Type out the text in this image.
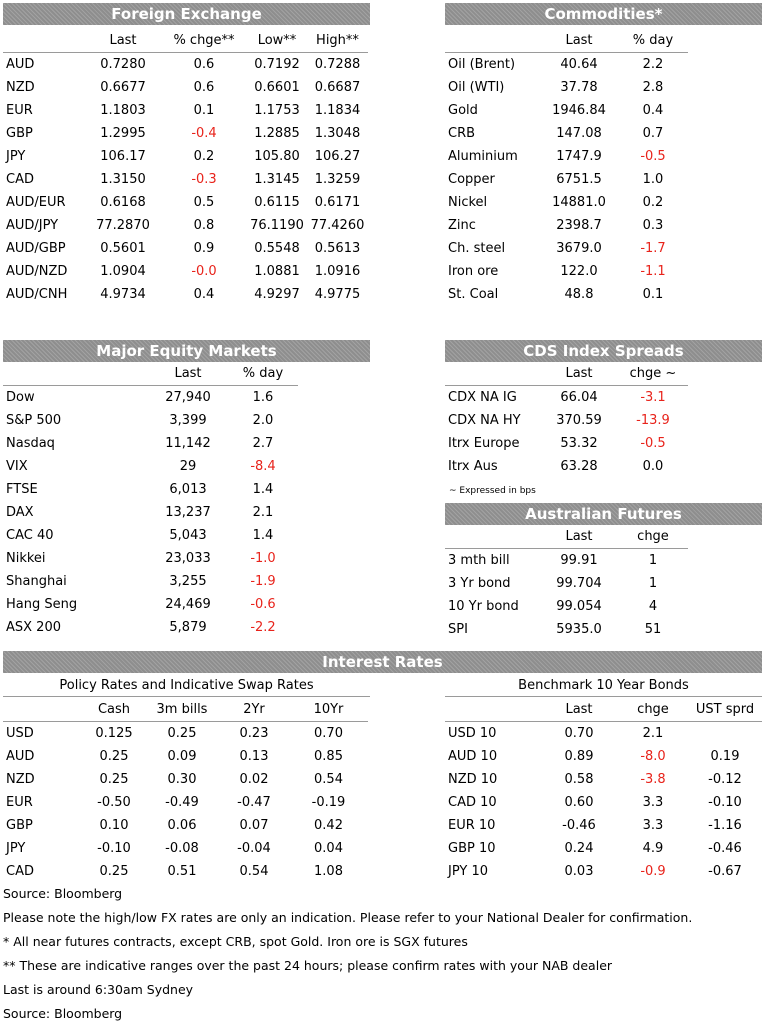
Foreign Exchange	Commodities*
Major Equity Markets	CDS Index Spreads
Australian Futures
Interest Rates
	Last	% chge**	Low**	High**
AUD	0.7280	0.6	0.7192	0.7288
NZD	0.6677	0.6	0.6601	0.6687
EUR	1.1803	0.1	1.1753	1.1834
GBP	1.2995	-0.4	1.2885	1.3048
JPY	106.17	0.2	105.80	106.27
CAD	1.3150	-0.3	1.3145	1.3259
AUD/EUR	0.6168	0.5	0.6115	0.6171
AUD/JPY	77.2870	0.8	76.1190	77.4260
AUD/GBP	0.5601	0.9	0.5548	0.5613
AUD/NZD	1.0904	-0.0	1.0881	1.0916
AUD/CNH	4.9734	0.4	4.9297	4.9775
	Last	% day
Oil (Brent)	40.64	2.2
Oil (WTI)	37.78	2.8
Gold	1946.84	0.4
CRB	147.08	0.7
Aluminium	1747.9	-0.5
Copper	6751.5	1.0
Nickel	14881.0	0.2
Zinc	2398.7	0.3
Ch. steel	3679.0	-1.7
Iron ore	122.0	-1.1
St. Coal	48.8	0.1
	Last	% day
Dow	27,940	1.6
S&P 500	3,399	2.0
Nasdaq	11,142	2.7
VIX	29	-8.4
FTSE	6,013	1.4
DAX	13,237	2.1
CAC 40	5,043	1.4
Nikkei	23,033	-1.0
Shanghai	3,255	-1.9
Hang Seng	24,469	-0.6
ASX 200	5,879	-2.2
	Last	chge ~
CDX NA IG	66.04	-3.1
CDX NA HY	370.59	-13.9
Itrx Europe	53.32	-0.5
Itrx Aus	63.28	0.0
~ Expressed in bps
	Last	chge
3 mth bill	99.91	1
3 Yr bond	99.704	1
10 Yr bond	99.054	4
SPI	5935.0	51
Policy Rates and Indicative Swap Rates	Benchmark 10 Year Bonds
	Cash	3m bills	2Yr	10Yr
USD	0.125	0.25	0.23	0.70
AUD	0.25	0.09	0.13	0.85
NZD	0.25	0.30	0.02	0.54
EUR	-0.50	-0.49	-0.47	-0.19
GBP	0.10	0.06	0.07	0.42
JPY	-0.10	-0.08	-0.04	0.04
CAD	0.25	0.51	0.54	1.08
	Last	chge	UST sprd
USD 10	0.70	2.1	
AUD 10	0.89	-8.0	0.19
NZD 10	0.58	-3.8	-0.12
CAD 10	0.60	3.3	-0.10
EUR 10	-0.46	3.3	-1.16
GBP 10	0.24	4.9	-0.46
JPY 10	0.03	-0.9	-0.67
Source: Bloomberg
Please note the high/low FX rates are only an indication. Please refer to your National Dealer for confirmation.
* All near futures contracts, except CRB, spot Gold. Iron ore is SGX futures
** These are indicative ranges over the past 24 hours; please confirm rates with your NAB dealer
Last is around 6:30am Sydney
Source: Bloomberg
